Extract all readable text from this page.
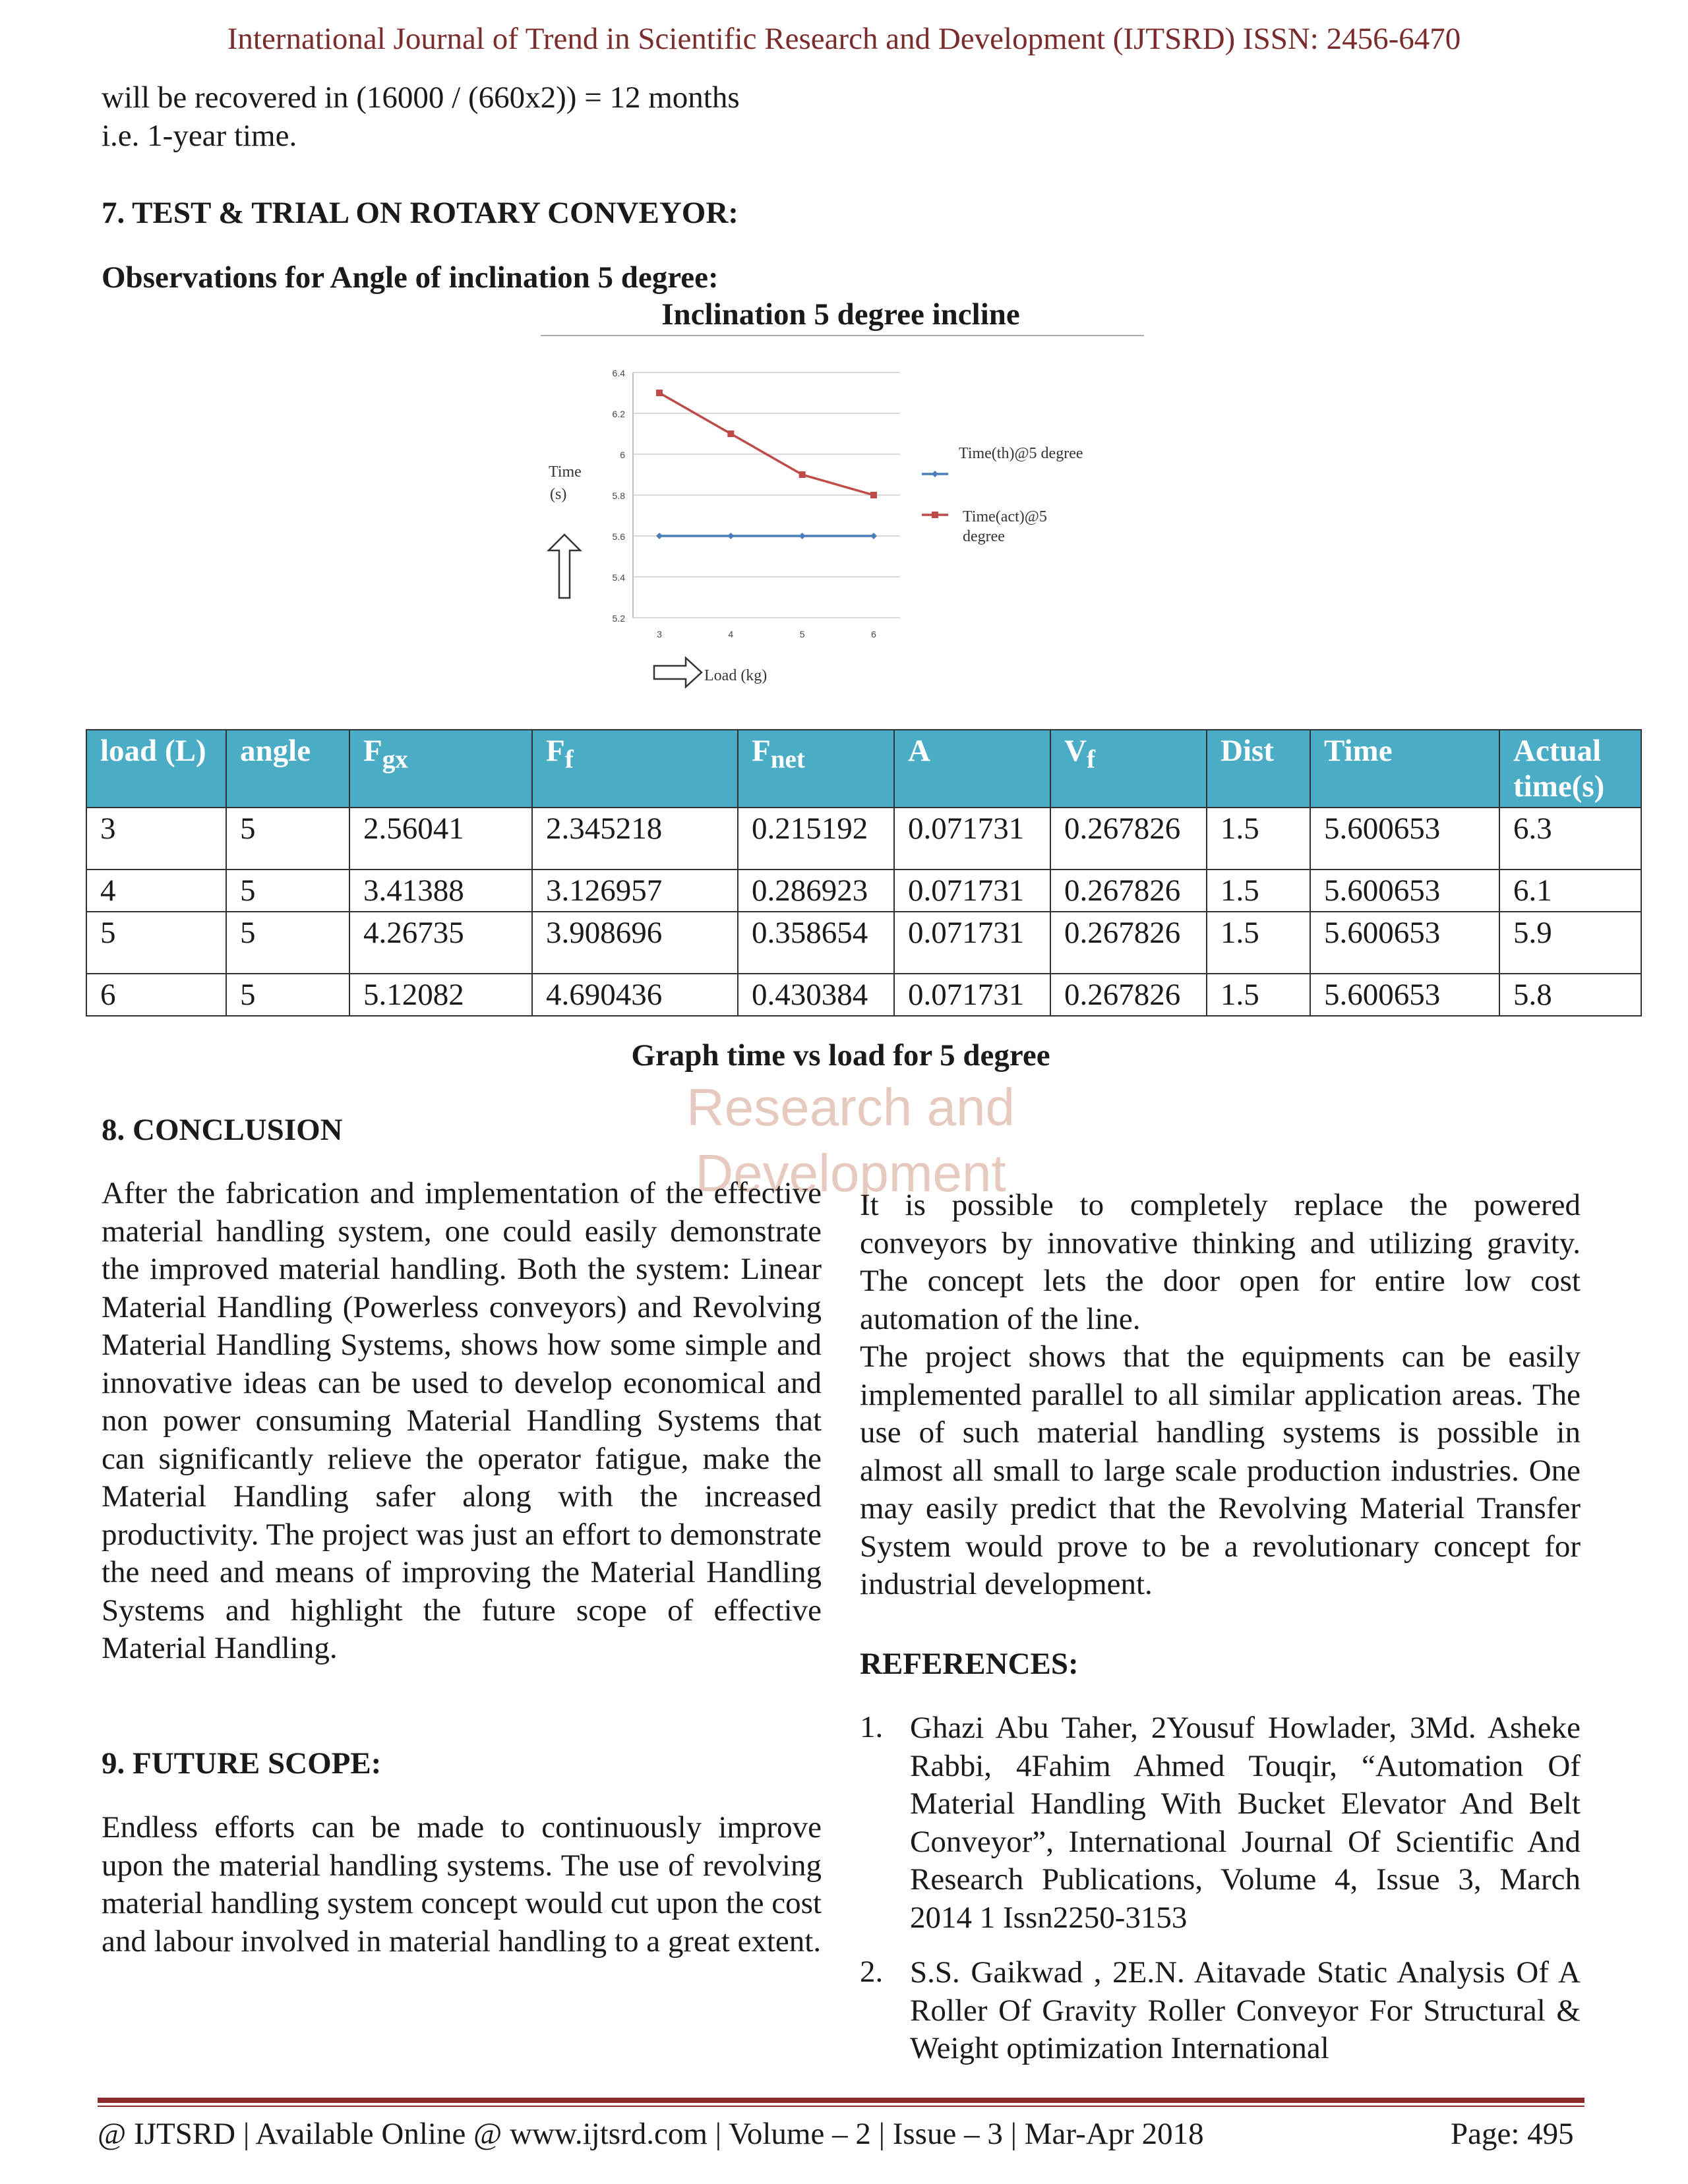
Research and
Development
International Journal of Trend in Scientific Research and Development (IJTSRD) ISSN: 2456-6470
will be recovered in (16000 / (660x2)) = 12 months
i.e. 1-year time.
7. TEST & TRIAL ON ROTARY CONVEYOR:
Observations for Angle of inclination 5 degree:
Inclination 5 degree incline
5.2
5.4
5.6
5.8
6
6.2
6.4
3	4	5	6
Time(th)@5 degree
Time(act)@5 degree
Time
(s)
Load (kg)
load (L)	angle	$F_{gx}$	$F_f$	$F_{net}$	A	$V_f$	Dist	Time	Actual time(s)
3	5	2.56041	2.345218	0.215192	0.071731	0.267826	1.5	5.600653	6.3
4	5	3.41388	3.126957	0.286923	0.071731	0.267826	1.5	5.600653	6.1
5	5	4.26735	3.908696	0.358654	0.071731	0.267826	1.5	5.600653	5.9
6	5	5.12082	4.690436	0.430384	0.071731	0.267826	1.5	5.600653	5.8
Graph time vs load for 5 degree
8. CONCLUSION
After the fabrication and implementation of the effective material handling system, one could easily demonstrate the improved material handling. Both the system: Linear Material Handling (Powerless conveyors) and Revolving Material Handling Systems, shows how some simple and innovative ideas can be used to develop economical and non power consuming Material Handling Systems that can significantly relieve the operator fatigue, make the Material Handling safer along with the increased productivity. The project was just an effort to demonstrate the need and means of improving the Material Handling Systems and highlight the future scope of effective Material Handling.
9. FUTURE SCOPE:
Endless efforts can be made to continuously improve upon the material handling systems. The use of revolving material handling system concept would cut upon the cost and labour involved in material handling to a great extent.
It is possible to completely replace the powered conveyors by innovative thinking and utilizing gravity. The concept lets the door open for entire low cost automation of the line.
The project shows that the equipments can be easily implemented parallel to all similar application areas. The use of such material handling systems is possible in almost all small to large scale production industries. One may easily predict that the Revolving Material Transfer System would prove to be a revolutionary concept for industrial development.
REFERENCES:
1. Ghazi Abu Taher, 2Yousuf Howlader, 3Md. Asheke Rabbi, 4Fahim Ahmed Touqir, “Automation Of Material Handling With Bucket Elevator And Belt Conveyor”, International Journal Of Scientific And Research Publications, Volume 4, Issue 3, March 2014 1 Issn2250-3153
2. S.S. Gaikwad , 2E.N. Aitavade Static Analysis Of A Roller Of Gravity Roller Conveyor For Structural & Weight optimization International
@ IJTSRD | Available Online @ www.ijtsrd.com | Volume – 2 | Issue – 3 | Mar-Apr 2018	Page: 495
